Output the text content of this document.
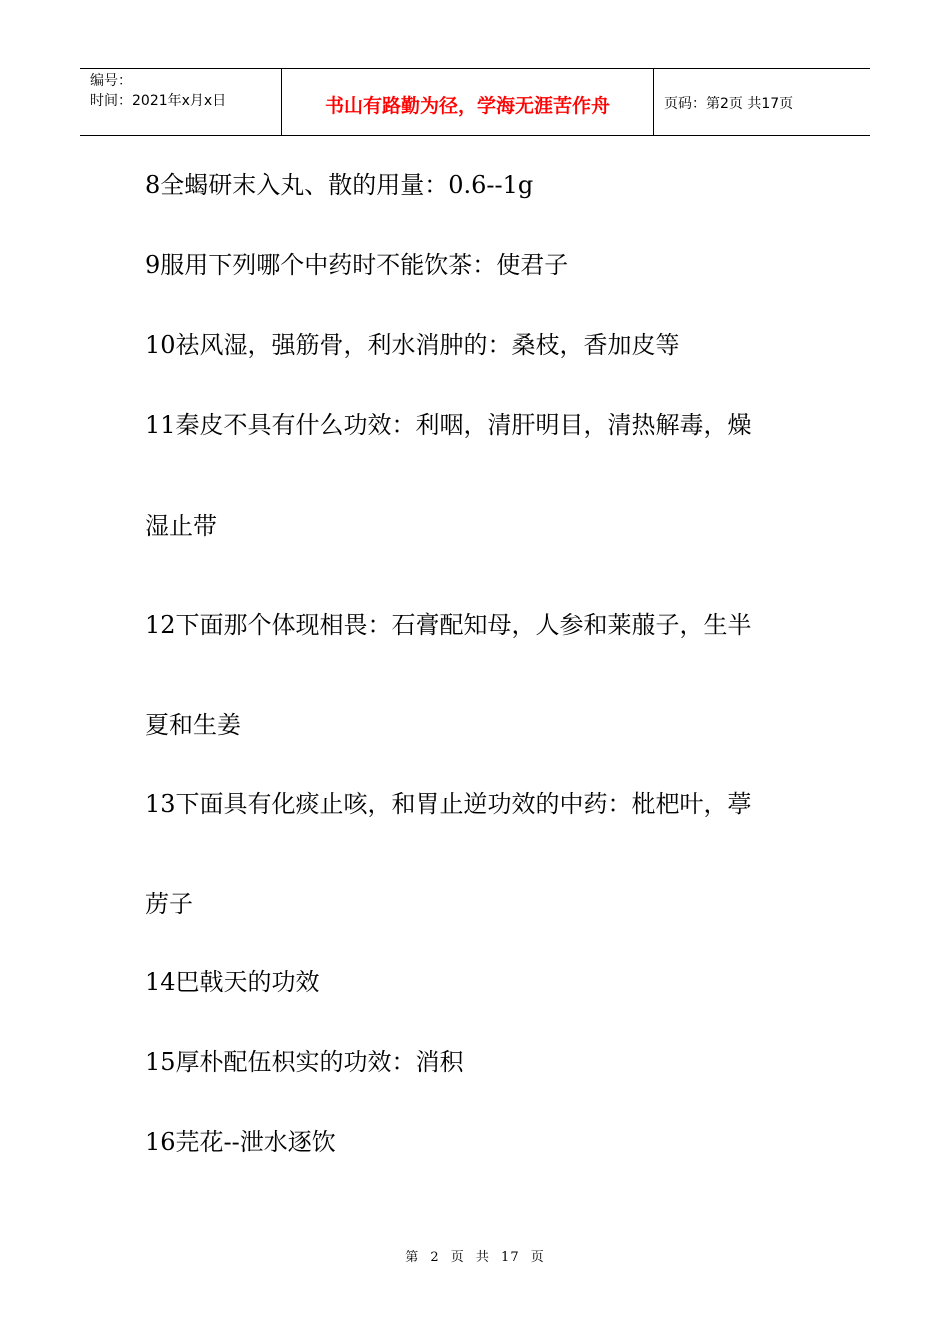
编号：
时间：2021年x月x日	书山有路勤为径，学海无涯苦作舟	页码：第2页 共17页
8全蝎研末入丸、散的用量：0.6--1g
9服用下列哪个中药时不能饮茶：使君子
10祛风湿，强筋骨，利水消肿的：桑枝，香加皮等
11秦皮不具有什么功效：利咽，清肝明目，清热解毒，燥
湿止带
12下面那个体现相畏：石膏配知母，人参和莱菔子，生半
夏和生姜
13下面具有化痰止咳，和胃止逆功效的中药：枇杷叶，葶
苈子
14巴戟天的功效
15厚朴配伍枳实的功效：消积
16芫花--泄水逐饮
第 2 页 共 17 页
